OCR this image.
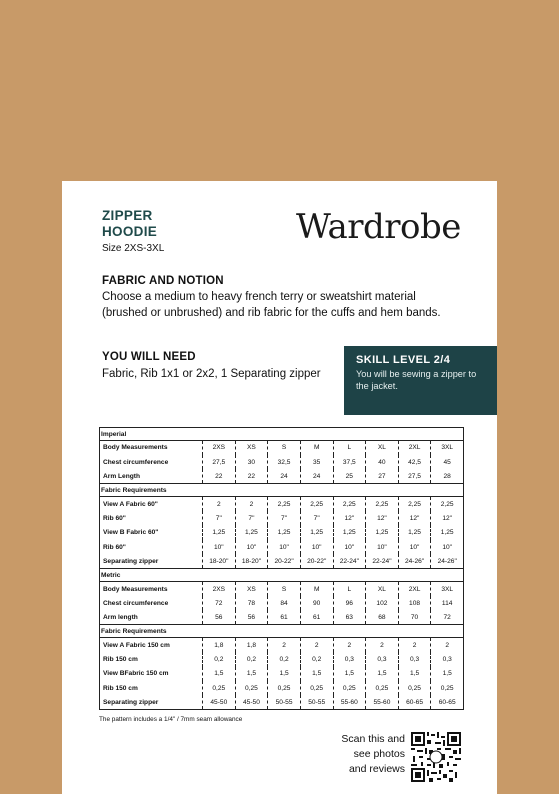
ZIPPER
HOODIE
Size 2XS-3XL
Wardrobe
FABRIC AND NOTION
Choose a medium to heavy french terry or sweatshirt material (brushed or unbrushed) and rib fabric for the cuffs and hem bands.
YOU WILL NEED
Fabric, Rib 1x1 or 2x2, 1 Separating zipper
SKILL LEVEL 2/4
You will be sewing a zipper to the jacket.
Imperial								
Body Measurements	2XS	XS	S	M	L	XL	2XL	3XL
Chest circumference	27,5	30	32,5	35	37,5	40	42,5	45
Arm Length	22	22	24	24	25	27	27,5	28
Fabric Requirements								
View A Fabric 60"	2	2	2,25	2,25	2,25	2,25	2,25	2,25
Rib 60"	7"	7"	7"	7"	12"	12"	12"	12"
View B Fabric 60"	1,25	1,25	1,25	1,25	1,25	1,25	1,25	1,25
Rib 60"	10"	10"	10"	10"	10"	10"	10"	10"
Separating zipper	18-20"	18-20"	20-22"	20-22"	22-24"	22-24"	24-26"	24-26"
Metric								
Body Measurements	2XS	XS	S	M	L	XL	2XL	3XL
Chest circumference	72	78	84	90	96	102	108	114
Arm length	56	56	61	61	63	68	70	72
Fabric Requirements								
View A Fabric 150 cm	1,8	1,8	2	2	2	2	2	2
Rib 150 cm	0,2	0,2	0,2	0,2	0,3	0,3	0,3	0,3
View BFabric 150 cm	1,5	1,5	1,5	1,5	1,5	1,5	1,5	1,5
Rib 150 cm	0,25	0,25	0,25	0,25	0,25	0,25	0,25	0,25
Separating zipper	45-50	45-50	50-55	50-55	55-60	55-60	60-65	60-65
The pattern includes a 1/4" / 7mm seam allowance
Scan this and
see photos
and reviews
